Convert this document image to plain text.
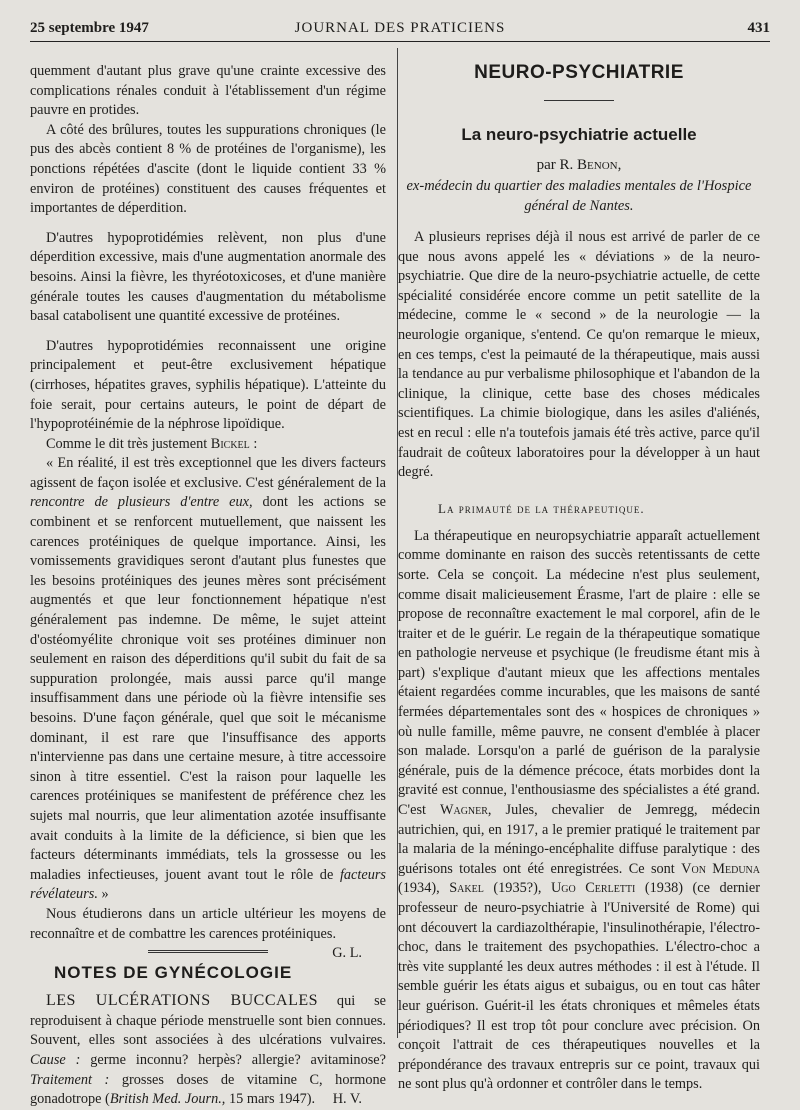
25 septembre 1947	JOURNAL DES PRATICIENS	431

quemment d'autant plus grave qu'une crainte excessive des complications rénales conduit à l'établissement d'un régime pauvre en protides.

A côté des brûlures, toutes les suppurations chroniques (le pus des abcès contient 8 % de protéines de l'organisme), les ponctions répétées d'ascite (dont le liquide contient 33 % environ de protéines) constituent des causes fréquentes et importantes de déperdition.

D'autres hypoprotidémies relèvent, non plus d'une déperdition excessive, mais d'une augmentation anormale des besoins. Ainsi la fièvre, les thyréotoxicoses, et d'une manière générale toutes les causes d'augmentation du métabolisme basal catabolisent une quantité excessive de protéines.

D'autres hypoprotidémies reconnaissent une origine principalement et peut-être exclusivement hépatique (cirrhoses, hépatites graves, syphilis hépatique). L'atteinte du foie serait, pour certains auteurs, le point de départ de l'hypoprotéinémie de la néphrose lipoïdique.

Comme le dit très justement Bickel :

« En réalité, il est très exceptionnel que les divers facteurs agissent de façon isolée et exclusive. C'est généralement de la rencontre de plusieurs d'entre eux, dont les actions se combinent et se renforcent mutuellement, que naissent les carences protéiniques de quelque importance. Ainsi, les vomissements gravidiques seront d'autant plus funestes que les besoins protéiniques des jeunes mères sont précisément augmentés et que leur fonctionnement hépatique n'est généralement pas indemne. De même, le sujet atteint d'ostéomyélite chronique voit ses protéines diminuer non seulement en raison des déperditions qu'il subit du fait de sa suppuration prolongée, mais aussi parce qu'il mange insuffisamment dans une période où la fièvre intensifie ses besoins. D'une façon générale, quel que soit le mécanisme dominant, il est rare que l'insuffisance des apports n'intervienne pas dans une certaine mesure, à titre accessoire sinon à titre essentiel. C'est la raison pour laquelle les carences protéiniques se manifestent de préférence chez les sujets mal nourris, que leur alimentation azotée insuffisante avait conduits à la limite de la déficience, si bien que les facteurs déterminants immédiats, tels la grossesse ou les maladies infectieuses, jouent avant tout le rôle de facteurs révélateurs. »

Nous étudierons dans un article ultérieur les moyens de reconnaître et de combattre les carences protéiniques.
G. L.

NOTES DE GYNÉCOLOGIE

LES ULCÉRATIONS BUCCALES qui se reproduisent à chaque période menstruelle sont bien connues. Souvent, elles sont associées à des ulcérations vulvaires. Cause : germe inconnu? herpès? allergie? avitaminose? Traitement : grosses doses de vitamine C, hormone gonadotrope (British Med. Journ., 15 mars 1947).	H. V.

NEURO-PSYCHIATRIE

La neuro-psychiatrie actuelle

par R. Benon,

ex-médecin du quartier des maladies mentales de l'Hospice général de Nantes.

A plusieurs reprises déjà il nous est arrivé de parler de ce que nous avons appelé les « déviations » de la neuro-psychiatrie. Que dire de la neuro-psychiatrie actuelle, de cette spécialité considérée encore comme un petit satellite de la médecine, comme le « second » de la neurologie — la neurologie organique, s'entend. Ce qu'on remarque le mieux, en ces temps, c'est la peimauté de la thérapeutique, mais aussi la tendance au pur verbalisme philosophique et l'abandon de la clinique, la clinique, cette base des choses médicales scientifiques. La chimie biologique, dans les asiles d'aliénés, est en recul : elle n'a toutefois jamais été très active, parce qu'il faudrait de coûteux laboratoires pour la développer à un haut degré.

La primauté de la thérapeutique.

La thérapeutique en neuropsychiatrie apparaît actuellement comme dominante en raison des succès retentissants de cette sorte. Cela se conçoit. La médecine n'est plus seulement, comme disait malicieusement Érasme, l'art de plaire : elle se propose de reconnaître exactement le mal corporel, afin de le traiter et de le guérir. Le regain de la thérapeutique somatique en pathologie nerveuse et psychique (le freudisme étant mis à part) s'explique d'autant mieux que les affections mentales étaient regardées comme incurables, que les maisons de santé fermées départementales sont des « hospices de chroniques » où nulle famille, même pauvre, ne consent d'emblée à placer son malade. Lorsqu'on a parlé de guérison de la paralysie générale, puis de la démence précoce, états morbides dont la gravité est connue, l'enthousiasme des spécialistes a été grand. C'est Wagner, Jules, chevalier de Jemregg, médecin autrichien, qui, en 1917, a le premier pratiqué le traitement par la malaria de la méningo-encéphalite diffuse paralytique : des guérisons totales ont été enregistrées. Ce sont Von Meduna (1934), Sakel (1935?), Ugo Cerletti (1938) (ce dernier professeur de neuro-psychiatrie à l'Université de Rome) qui ont découvert la cardiazolthérapie, l'insulinothérapie, l'électro-choc, dans le traitement des psychopathies. L'électro-choc a très vite supplanté les deux autres méthodes : il est à l'étude. Il semble guérir les états aigus et subaigus, ou en tout cas hâter leur guérison. Guérit-il les états chroniques et mêmeles états périodiques? Il est trop tôt pour conclure avec précision. On conçoit l'attrait de ces thérapeutiques nouvelles et la prépondérance des travaux entrepris sur ce point, travaux qui ne sont plus qu'à ordonner et contrôler dans le temps.
